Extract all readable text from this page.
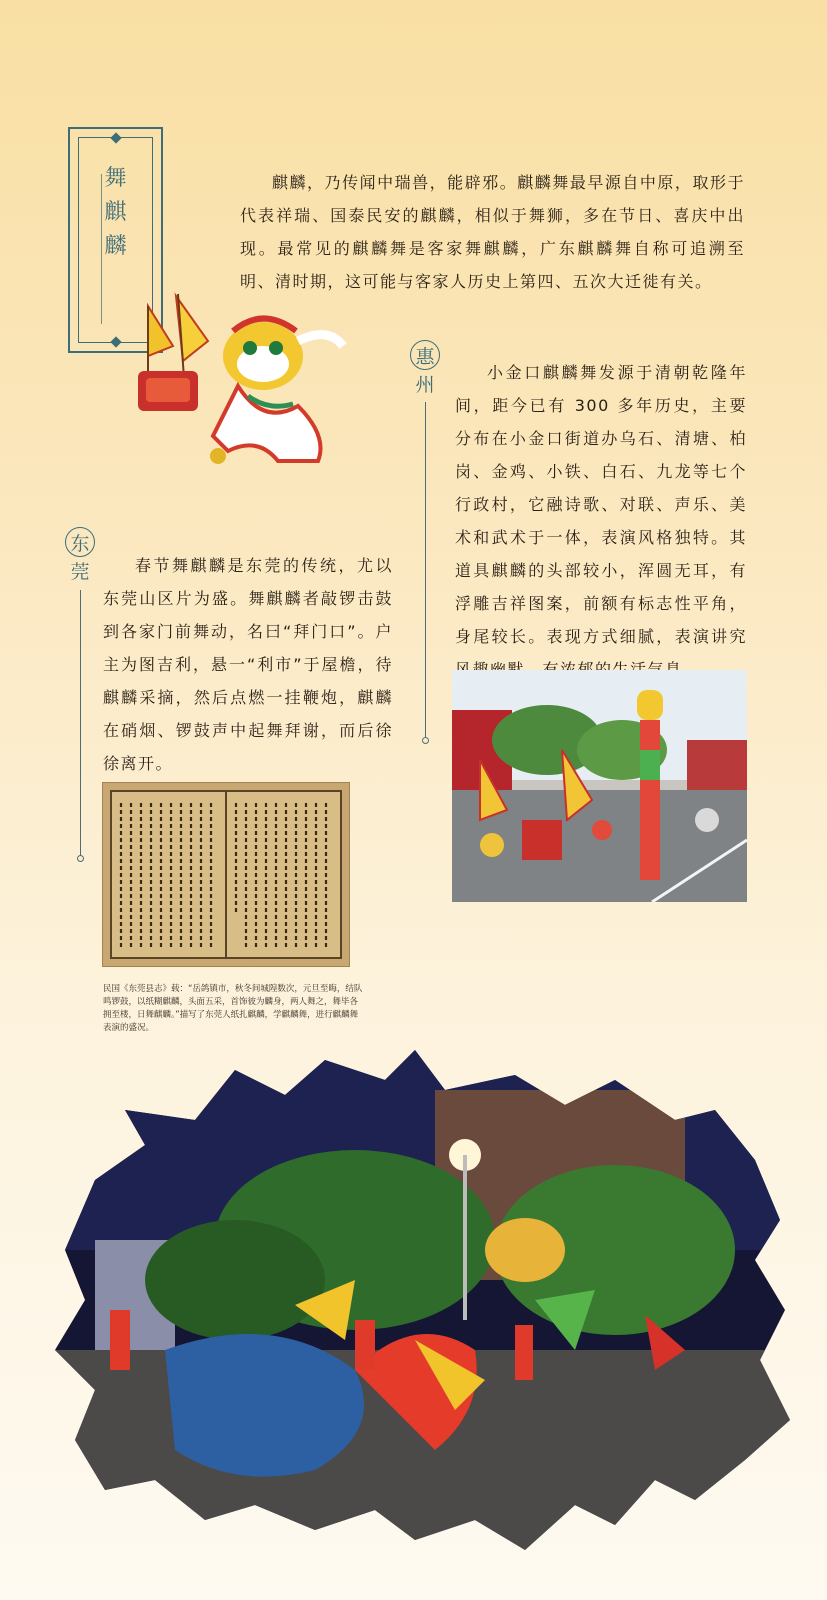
舞
麒
麟
麒麟，乃传闻中瑞兽，能辟邪。麒麟舞最早源自中原，取形于代表祥瑞、国泰民安的麒麟，相似于舞狮，多在节日、喜庆中出现。最常见的麒麟舞是客家舞麒麟，广东麒麟舞自称可追溯至明、清时期，这可能与客家人历史上第四、五次大迁徙有关。
惠
州
小金口麒麟舞发源于清朝乾隆年间，距今已有 300 多年历史，主要分布在小金口街道办乌石、清塘、柏岗、金鸡、小铁、白石、九龙等七个行政村，它融诗歌、对联、声乐、美术和武术于一体，表演风格独特。其道具麒麟的头部较小，浑圆无耳，有浮雕吉祥图案，前额有标志性平角，身尾较长。表现方式细腻，表演讲究
东
莞	春节舞麒麟是东莞的传统，尤以东莞山区片为盛。舞麒麟者敲锣击鼓到各家门前舞动，名曰“拜门口”。户主为图吉利，悬一“利市”于屋檐，待麒麟采摘，然后点燃一挂鞭炮，麒麟在硝烟、锣鼓声中起舞拜谢，而后徐徐离开。
民国《东莞县志》载：“岳鸽镇市，秋冬间城隍数次，元旦至晦，结队鸣锣鼓，以纸糊麒麟，头面五采，首饰彼为麟身，两人舞之，舞毕各拥至楼，日舞麒麟。”描写了东莞人纸扎麒麟，学麒麟舞，进行麒麟舞表演的盛况。
